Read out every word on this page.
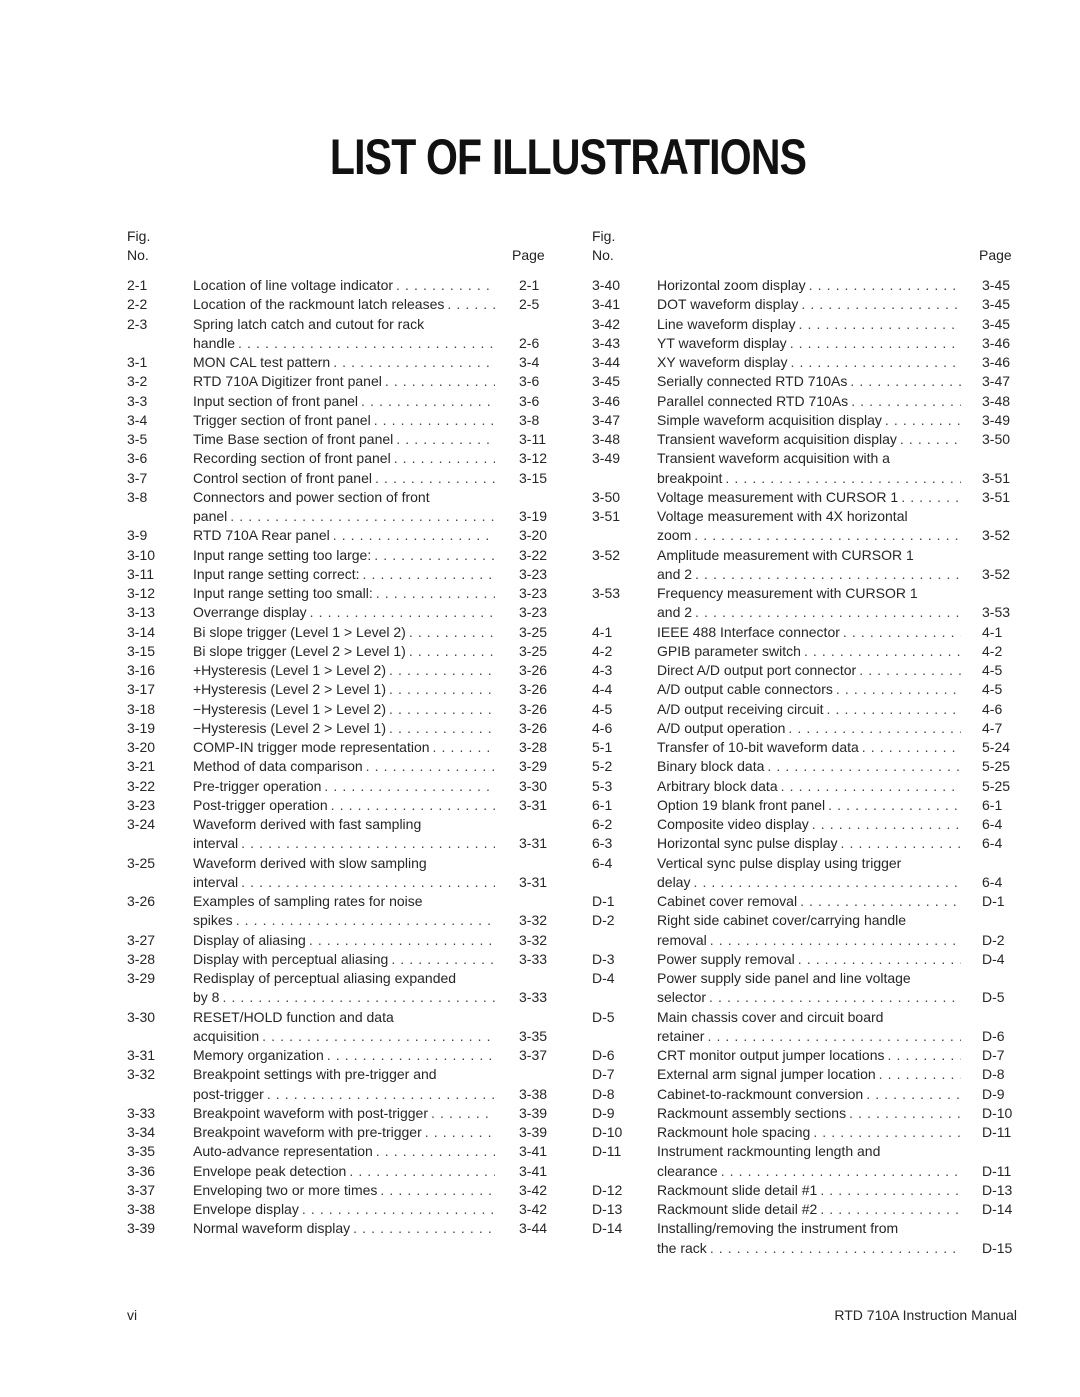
LIST OF ILLUSTRATIONS
Fig.
No.	Page
Fig.
No.	Page
2-1	Location of line voltage indicator . . .	2-1
2-2	Location of the rackmount latch releases . . .	2-5
2-3	Spring latch catch and cutout for rack
handle . . .	2-6
3-1	MON CAL test pattern . . .	3-4
3-2	RTD 710A Digitizer front panel . . .	3-6
3-3	Input section of front panel . . .	3-6
3-4	Trigger section of front panel . . .	3-8
3-5	Time Base section of front panel . . .	3-11
3-6	Recording section of front panel . . .	3-12
3-7	Control section of front panel . . .	3-15
3-8	Connectors and power section of front
panel . . .	3-19
3-9	RTD 710A Rear panel . . .	3-20
3-10	Input range setting too large: . . .	3-22
3-11	Input range setting correct: . . .	3-23
3-12	Input range setting too small: . . .	3-23
3-13	Overrange display . . .	3-23
3-14	Bi slope trigger (Level 1 > Level 2) . . .	3-25
3-15	Bi slope trigger (Level 2 > Level 1) . . .	3-25
3-16	+Hysteresis (Level 1 > Level 2) . . .	3-26
3-17	+Hysteresis (Level 2 > Level 1) . . .	3-26
3-18	−Hysteresis (Level 1 > Level 2) . . .	3-26
3-19	−Hysteresis (Level 2 > Level 1) . . .	3-26
3-20	COMP-IN trigger mode representation . . .	3-28
3-21	Method of data comparison . . .	3-29
3-22	Pre-trigger operation . . .	3-30
3-23	Post-trigger operation . . .	3-31
3-24	Waveform derived with fast sampling
interval . . .	3-31
3-25	Waveform derived with slow sampling
interval . . .	3-31
3-26	Examples of sampling rates for noise
spikes . . .	3-32
3-27	Display of aliasing . . .	3-32
3-28	Display with perceptual aliasing . . .	3-33
3-29	Redisplay of perceptual aliasing expanded
by 8 . . .	3-33
3-30	RESET/HOLD function and data
acquisition . . .	3-35
3-31	Memory organization . . .	3-37
3-32	Breakpoint settings with pre-trigger and
post-trigger . . .	3-38
3-33	Breakpoint waveform with post-trigger . . .	3-39
3-34	Breakpoint waveform with pre-trigger . . .	3-39
3-35	Auto-advance representation . . .	3-41
3-36	Envelope peak detection . . .	3-41
3-37	Enveloping two or more times . . .	3-42
3-38	Envelope display . . .	3-42
3-39	Normal waveform display . . .	3-44
3-40	Horizontal zoom display . . .	3-45
3-41	DOT waveform display . . .	3-45
3-42	Line waveform display . . .	3-45
3-43	YT waveform display . . .	3-46
3-44	XY waveform display . . .	3-46
3-45	Serially connected RTD 710As . . .	3-47
3-46	Parallel connected RTD 710As . . .	3-48
3-47	Simple waveform acquisition display . . .	3-49
3-48	Transient waveform acquisition display . . .	3-50
3-49	Transient waveform acquisition with a
breakpoint . . .	3-51
3-50	Voltage measurement with CURSOR 1 . . .	3-51
3-51	Voltage measurement with 4X horizontal
zoom . . .	3-52
3-52	Amplitude measurement with CURSOR 1
and 2 . . .	3-52
3-53	Frequency measurement with CURSOR 1
and 2 . . .	3-53
4-1	IEEE 488 Interface connector . . .	4-1
4-2	GPIB parameter switch . . .	4-2
4-3	Direct A/D output port connector . . .	4-5
4-4	A/D output cable connectors . . .	4-5
4-5	A/D output receiving circuit . . .	4-6
4-6	A/D output operation . . .	4-7
5-1	Transfer of 10-bit waveform data . . .	5-24
5-2	Binary block data . . .	5-25
5-3	Arbitrary block data . . .	5-25
6-1	Option 19 blank front panel . . .	6-1
6-2	Composite video display . . .	6-4
6-3	Horizontal sync pulse display . . .	6-4
6-4	Vertical sync pulse display using trigger
delay . . .	6-4
D-1	Cabinet cover removal . . .	D-1
D-2	Right side cabinet cover/carrying handle
removal . . .	D-2
D-3	Power supply removal . . .	D-4
D-4	Power supply side panel and line voltage
selector . . .	D-5
D-5	Main chassis cover and circuit board
retainer . . .	D-6
D-6	CRT monitor output jumper locations . . .	D-7
D-7	External arm signal jumper location . . .	D-8
D-8	Cabinet-to-rackmount conversion . . .	D-9
D-9	Rackmount assembly sections . . .	D-10
D-10 Rackmount hole spacing . . .	D-11
D-11	Instrument rackmounting length and
clearance . . .	D-11
D-12 Rackmount slide detail #1 . . .	D-13
D-13 Rackmount slide detail #2 . . .	D-14
D-14 Installing/removing the instrument from
the rack . . .	D-15
vi	RTD 710A Instruction Manual
